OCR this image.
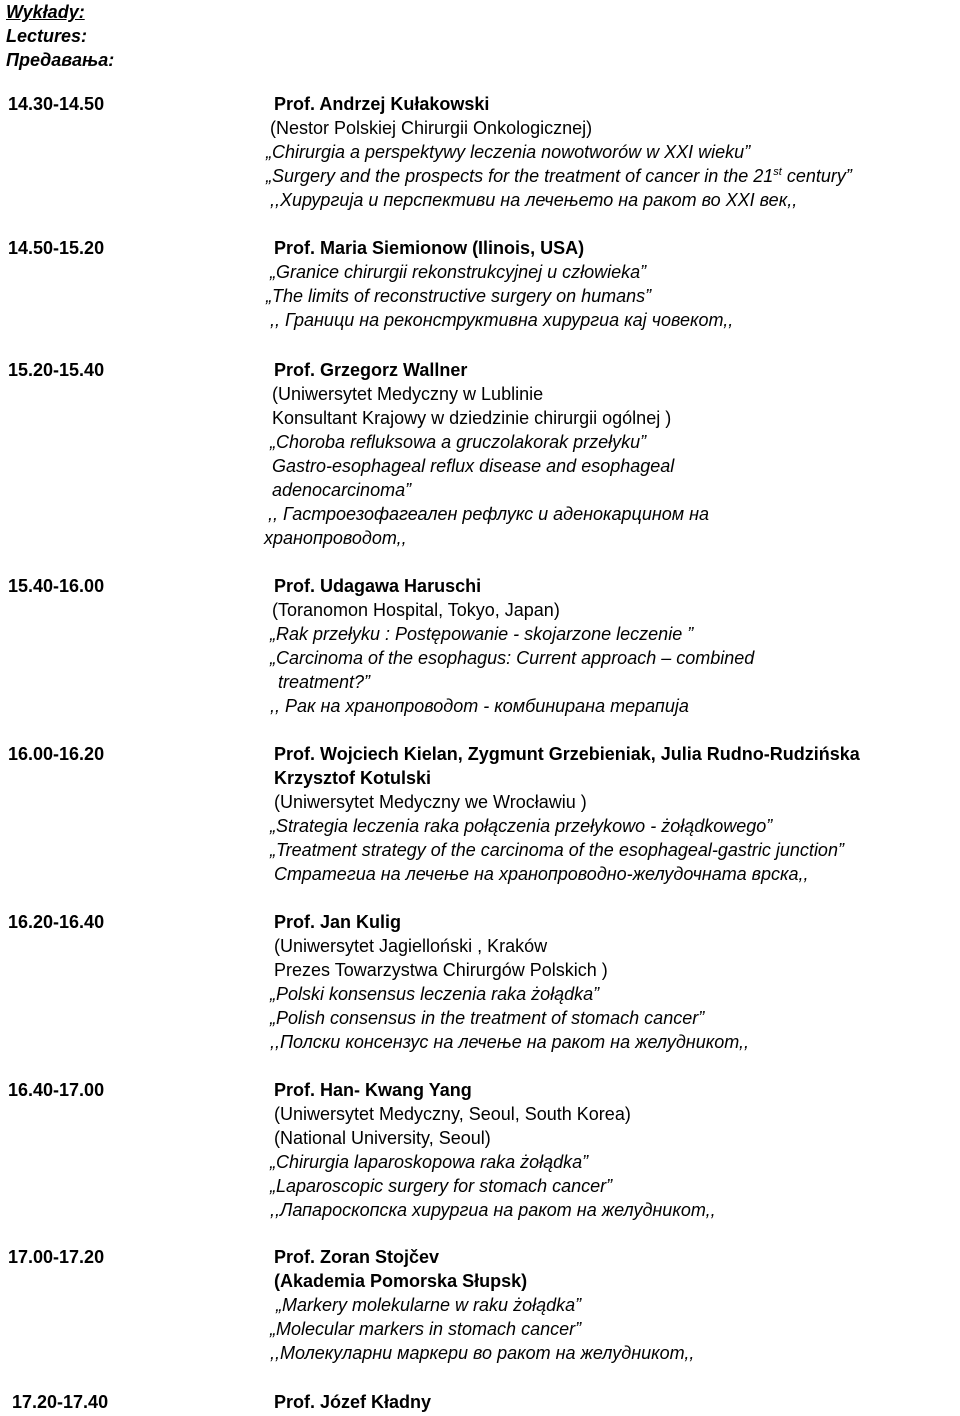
Wykłady:
Lectures:
Предавања:
14.30-14.50	Prof. Andrzej Kułakowski
(Nestor Polskiej Chirurgii Onkologicznej)
„Chirurgia a perspektywy leczenia nowotworów w XXI wieku”
„Surgery and the prospects for the treatment of cancer in the 21st century”
,,Хирургија и перспективи на лечењето на ракот во XXI век,,
14.50-15.20	Prof. Maria Siemionow (Ilinois, USA)
„Granice chirurgii rekonstrukcyjnej u człowieka”
„The limits of reconstructive surgery on humans”
,, Граници на реконструктивна хируpгиа кај човекот,,
15.20-15.40	Prof. Grzegorz Wallner
(Uniwersytet Medyczny w Lublinie
Konsultant Krajowy w dziedzinie chirurgii ogólnej )
„Choroba refluksowa a gruczolakorak przełyku”
Gastro-esophageal reflux disease and esophageal
adenocarcinoma”
,, Гастроезофагеален рефлукс и аденокарцином на
хранопроводот,,
15.40-16.00	Prof. Udagawa Haruschi
(Toranomon Hospital, Tokyo, Japan)
„Rak przełyku : Postępowanie - skojarzone leczenie ”
„Carcinoma of the esophagus: Current approach – combined
treatment?”
,, Рак на хранопроводот - комбинирана терапија
16.00-16.20	Prof. Wojciech Kielan, Zygmunt Grzebieniak, Julia Rudno-Rudzińska
Krzysztof Kotulski
(Uniwersytet Medyczny we Wrocławiu )
„Strategia leczenia raka połączenia przełykowo - żołądkowego”
„Treatment strategy of the carcinoma of the esophageal-gastric junction”
Стратегиа на лечење на хранопроводно-желудочната врска,,
16.20-16.40	Prof. Jan Kulig
(Uniwersytet Jagielloński , Kraków
Prezes Towarzystwa Chirurgów Polskich )
„Polski konsensus leczenia raka żołądka”
„Polish consensus in the treatment of stomach cancer”
,,Полски консензус на лечење на ракот на желудникот,,
16.40-17.00	Prof. Han- Kwang Yang
(Uniwersytet Medyczny, Seoul, South Korea)
(National University, Seoul)
„Chirurgia laparoskopowa raka żołądka”
„Laparoscopic surgery for stomach cancer”
,,Лапароскопска хируpгиа на ракот на желудникот,,
17.00-17.20	Prof. Zoran Stojčev
(Akademia Pomorska Słupsk)
„Markery molekularne w raku żołądka”
„Molecular markers in stomach cancer”
,,Молекуларни маркери во ракот на желудникот,,
17.20-17.40	Prof. Józef Kładny
